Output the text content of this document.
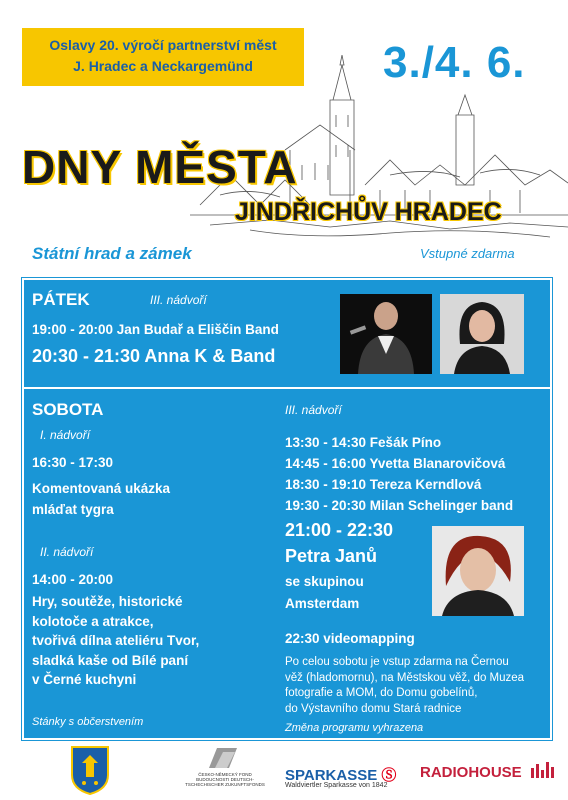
Oslavy 20. výročí partnerství měst
J. Hradec a Neckargemünd	3./4. 6.
DNY MĚSTA
JINDŘICHŮV HRADEC
Státní hrad a zámek	Vstupné zdarma
PÁTEK	III. nádvoří
19:00 - 20:00 Jan Budař a Eliščin Band
20:30 - 21:30 Anna K & Band
SOBOTA
I. nádvoří
16:30 - 17:30
Komentovaná ukázka
mláďat tygra
II. nádvoří
14:00 - 20:00
Hry, soutěže, historické
kolotoče a atrakce,
tvořivá dílna ateliéru Tvor,
sladká kaše od Bílé paní
v Černé kuchyni
Stánky s občerstvením
III. nádvoří
13:30 - 14:30 Fešák Píno
14:45 - 16:00 Yvetta Blanarovičová
18:30 - 19:10 Tereza Kerndlová
19:30 - 20:30 Milan Schelinger band
21:00 - 22:30
Petra Janů
se skupinou
Amsterdam
22:30 videomapping
Po celou sobotu je vstup zdarma na Černou
věž (hladomornu), na Městskou věž, do Muzea
fotografie a MOM, do Domu gobelínů,
do Výstavního domu Stará radnice
Změna programu vyhrazena
ČESKO-NĚMECKÝ FOND BUDOUCNOSTI DEUTSCH-TSCHECHISCHER ZUKUNFTSFONDS
SPARKASSE Ⓢ
Waldviertler Sparkasse von 1842
RADIOHOUSE
